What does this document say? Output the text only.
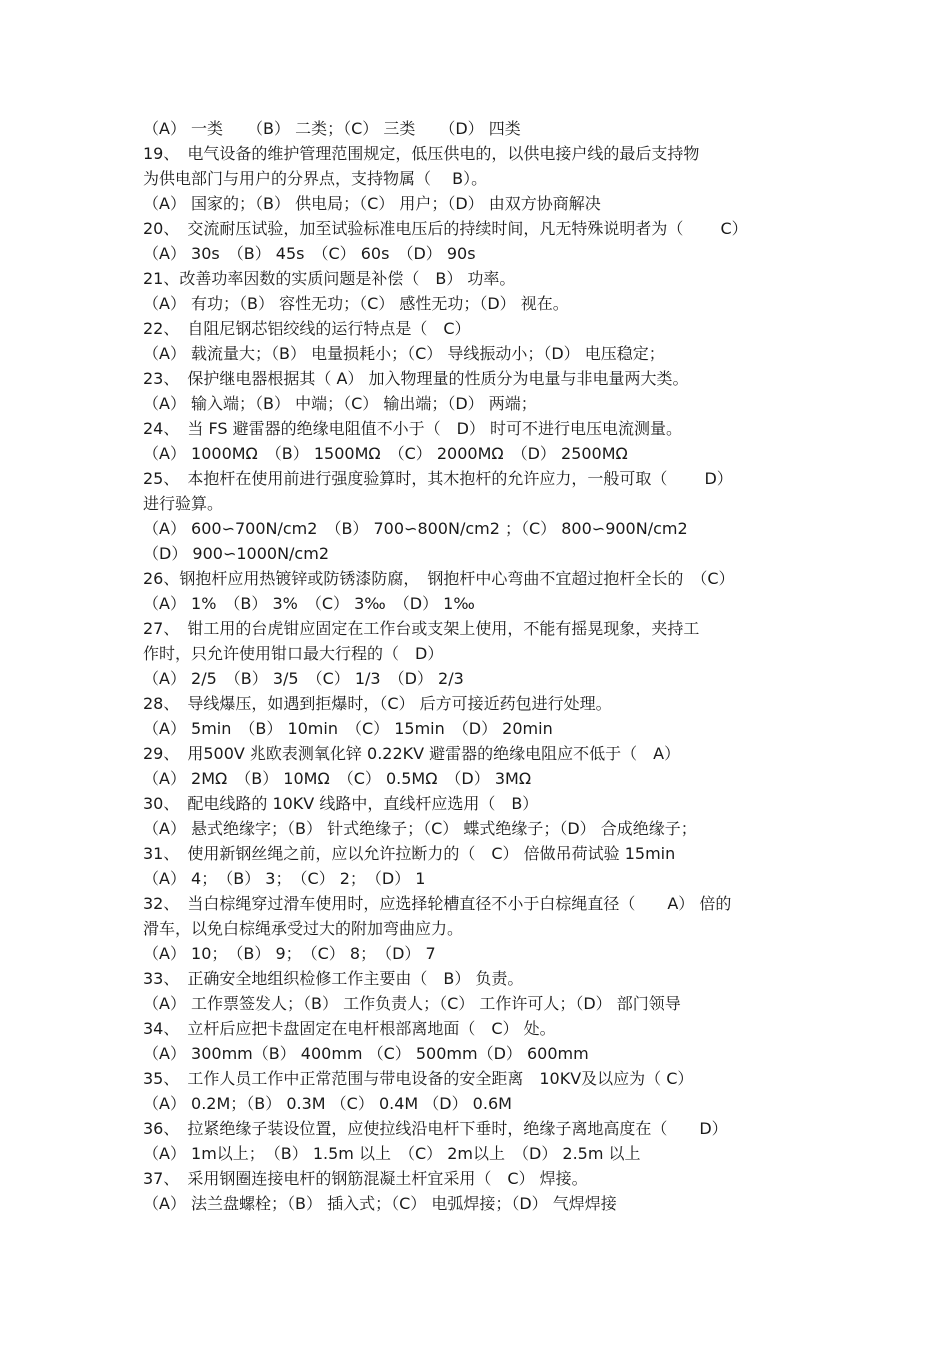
（A） 一类　　（B） 二类；（C） 三类　　（D） 四类
19、　电气设备的维护管理范围规定，低压供电的，以供电接户线的最后支持物
为供电部门与用户的分界点，支持物属（　 B）。
（A） 国家的；（B） 供电局；（C） 用户；（D） 由双方协商解决
20、　交流耐压试验，加至试验标准电压后的持续时间，凡无特殊说明者为（　　 C）
（A） 30s　（B） 45s　（C） 60s　（D） 90s
21、改善功率因数的实质问题是补偿（　B） 功率。
（A） 有功；（B） 容性无功；（C） 感性无功；（D） 视在。
22、　自阻尼钢芯铝绞线的运行特点是（　C）
（A） 载流量大；（B） 电量损耗小；（C） 导线振动小；（D） 电压稳定；
23、　保护继电器根据其（ A） 加入物理量的性质分为电量与非电量两大类。
（A） 输入端；（B） 中端；（C） 输出端；（D） 两端；
24、　当 FS 避雷器的绝缘电阻值不小于（　D） 时可不进行电压电流测量。
（A） 1000MΩ　（B） 1500MΩ　（C） 2000MΩ　（D） 2500MΩ
25、　本抱杆在使用前进行强度验算时，其木抱杆的允许应力，一般可取（　　 D）
进行验算。
（A） 600∽700N/cm2　（B） 700∽800N/cm2 ；（C） 800∽900N/cm2
（D） 900∽1000N/cm2
26、钢抱杆应用热镀锌或防锈漆防腐，　钢抱杆中心弯曲不宜超过抱杆全长的　（C）
（A） 1%　（B） 3%　（C） 3‰　（D） 1‰
27、　钳工用的台虎钳应固定在工作台或支架上使用，不能有摇晃现象，夹持工
作时，只允许使用钳口最大行程的（　D）
（A） 2/5　（B） 3/5　（C） 1/3　（D） 2/3
28、　导线爆压，如遇到拒爆时，（C） 后方可接近药包进行处理。
（A） 5min　（B） 10min　（C） 15min　（D） 20min
29、　用500V 兆欧表测氧化锌 0.22KV 避雷器的绝缘电阻应不低于（　A）
（A） 2MΩ　（B） 10MΩ　（C） 0.5MΩ　（D） 3MΩ
30、　配电线路的 10KV 线路中，直线杆应选用（　B）
（A） 悬式绝缘字；（B） 针式绝缘子；（C） 蝶式绝缘子；（D） 合成绝缘子；
31、　使用新钢丝绳之前，应以允许拉断力的（　C） 倍做吊荷试验 15min
（A） 4；　（B） 3；　（C） 2；　（D） 1
32、　当白棕绳穿过滑车使用时，应选择轮槽直径不小于白棕绳直径（　　A） 倍的
滑车，以免白棕绳承受过大的附加弯曲应力。
（A） 10；　（B） 9；　（C） 8；　（D） 7
33、　正确安全地组织检修工作主要由（　B） 负责。
（A） 工作票签发人；（B） 工作负责人；（C） 工作许可人；（D） 部门领导
34、　立杆后应把卡盘固定在电杆根部离地面（　C） 处。
（A） 300mm（B） 400mm （C） 500mm（D） 600mm
35、　工作人员工作中正常范围与带电设备的安全距离　10KV及以应为（ C）
（A） 0.2M；（B） 0.3M （C） 0.4M （D） 0.6M
36、　拉紧绝缘子装设位置，应使拉线沿电杆下垂时，绝缘子离地高度在（　　D）
（A） 1m以上；　（B） 1.5m 以上　（C） 2m以上　（D） 2.5m 以上
37、　采用钢圈连接电杆的钢筋混凝土杆宜采用（　C） 焊接。
（A） 法兰盘螺栓；（B） 插入式；（C） 电弧焊接；（D） 气焊焊接
